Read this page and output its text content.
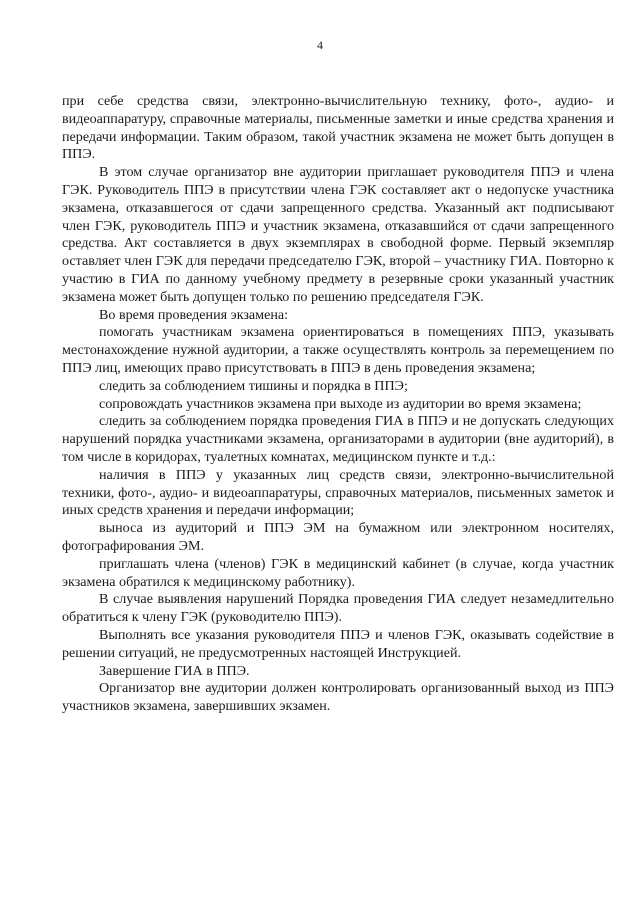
4

при себе средства связи, электронно-вычислительную технику, фото-, аудио- и видеоаппаратуру, справочные материалы, письменные заметки и иные средства хранения и передачи информации. Таким образом, такой участник экзамена не может быть допущен в ППЭ.

В этом случае организатор вне аудитории приглашает руководителя ППЭ и члена ГЭК. Руководитель ППЭ в присутствии члена ГЭК составляет акт о недопуске участника экзамена, отказавшегося от сдачи запрещенного средства. Указанный акт подписывают член ГЭК, руководитель ППЭ и участник экзамена, отказавшийся от сдачи запрещенного средства. Акт составляется в двух экземплярах в свободной форме. Первый экземпляр оставляет член ГЭК для передачи председателю ГЭК, второй – участнику ГИА. Повторно к участию в ГИА по данному учебному предмету в резервные сроки указанный участник экзамена может быть допущен только по решению председателя ГЭК.

Во время проведения экзамена:

помогать участникам экзамена ориентироваться в помещениях ППЭ, указывать местонахождение нужной аудитории, а также осуществлять контроль за перемещением по ППЭ лиц, имеющих право присутствовать в ППЭ в день проведения экзамена;

следить за соблюдением тишины и порядка в ППЭ;

сопровождать участников экзамена при выходе из аудитории во время экзамена;

следить за соблюдением порядка проведения ГИА в ППЭ и не допускать следующих нарушений порядка участниками экзамена, организаторами в аудитории (вне аудиторий), в том числе в коридорах, туалетных комнатах, медицинском пункте и т.д.:

наличия в ППЭ у указанных лиц средств связи, электронно-вычислительной техники, фото-, аудио- и видеоаппаратуры, справочных материалов, письменных заметок и иных средств хранения и передачи информации;

выноса из аудиторий и ППЭ ЭМ на бумажном или электронном носителях, фотографирования ЭМ.

приглашать члена (членов) ГЭК в медицинский кабинет (в случае, когда участник экзамена обратился к медицинскому работнику).

В случае выявления нарушений Порядка проведения ГИА следует незамедлительно обратиться к члену ГЭК (руководителю ППЭ).

Выполнять все указания руководителя ППЭ и членов ГЭК, оказывать содействие в решении ситуаций, не предусмотренных настоящей Инструкцией.

Завершение ГИА в ППЭ.

Организатор вне аудитории должен контролировать организованный выход из ППЭ участников экзамена, завершивших экзамен.
